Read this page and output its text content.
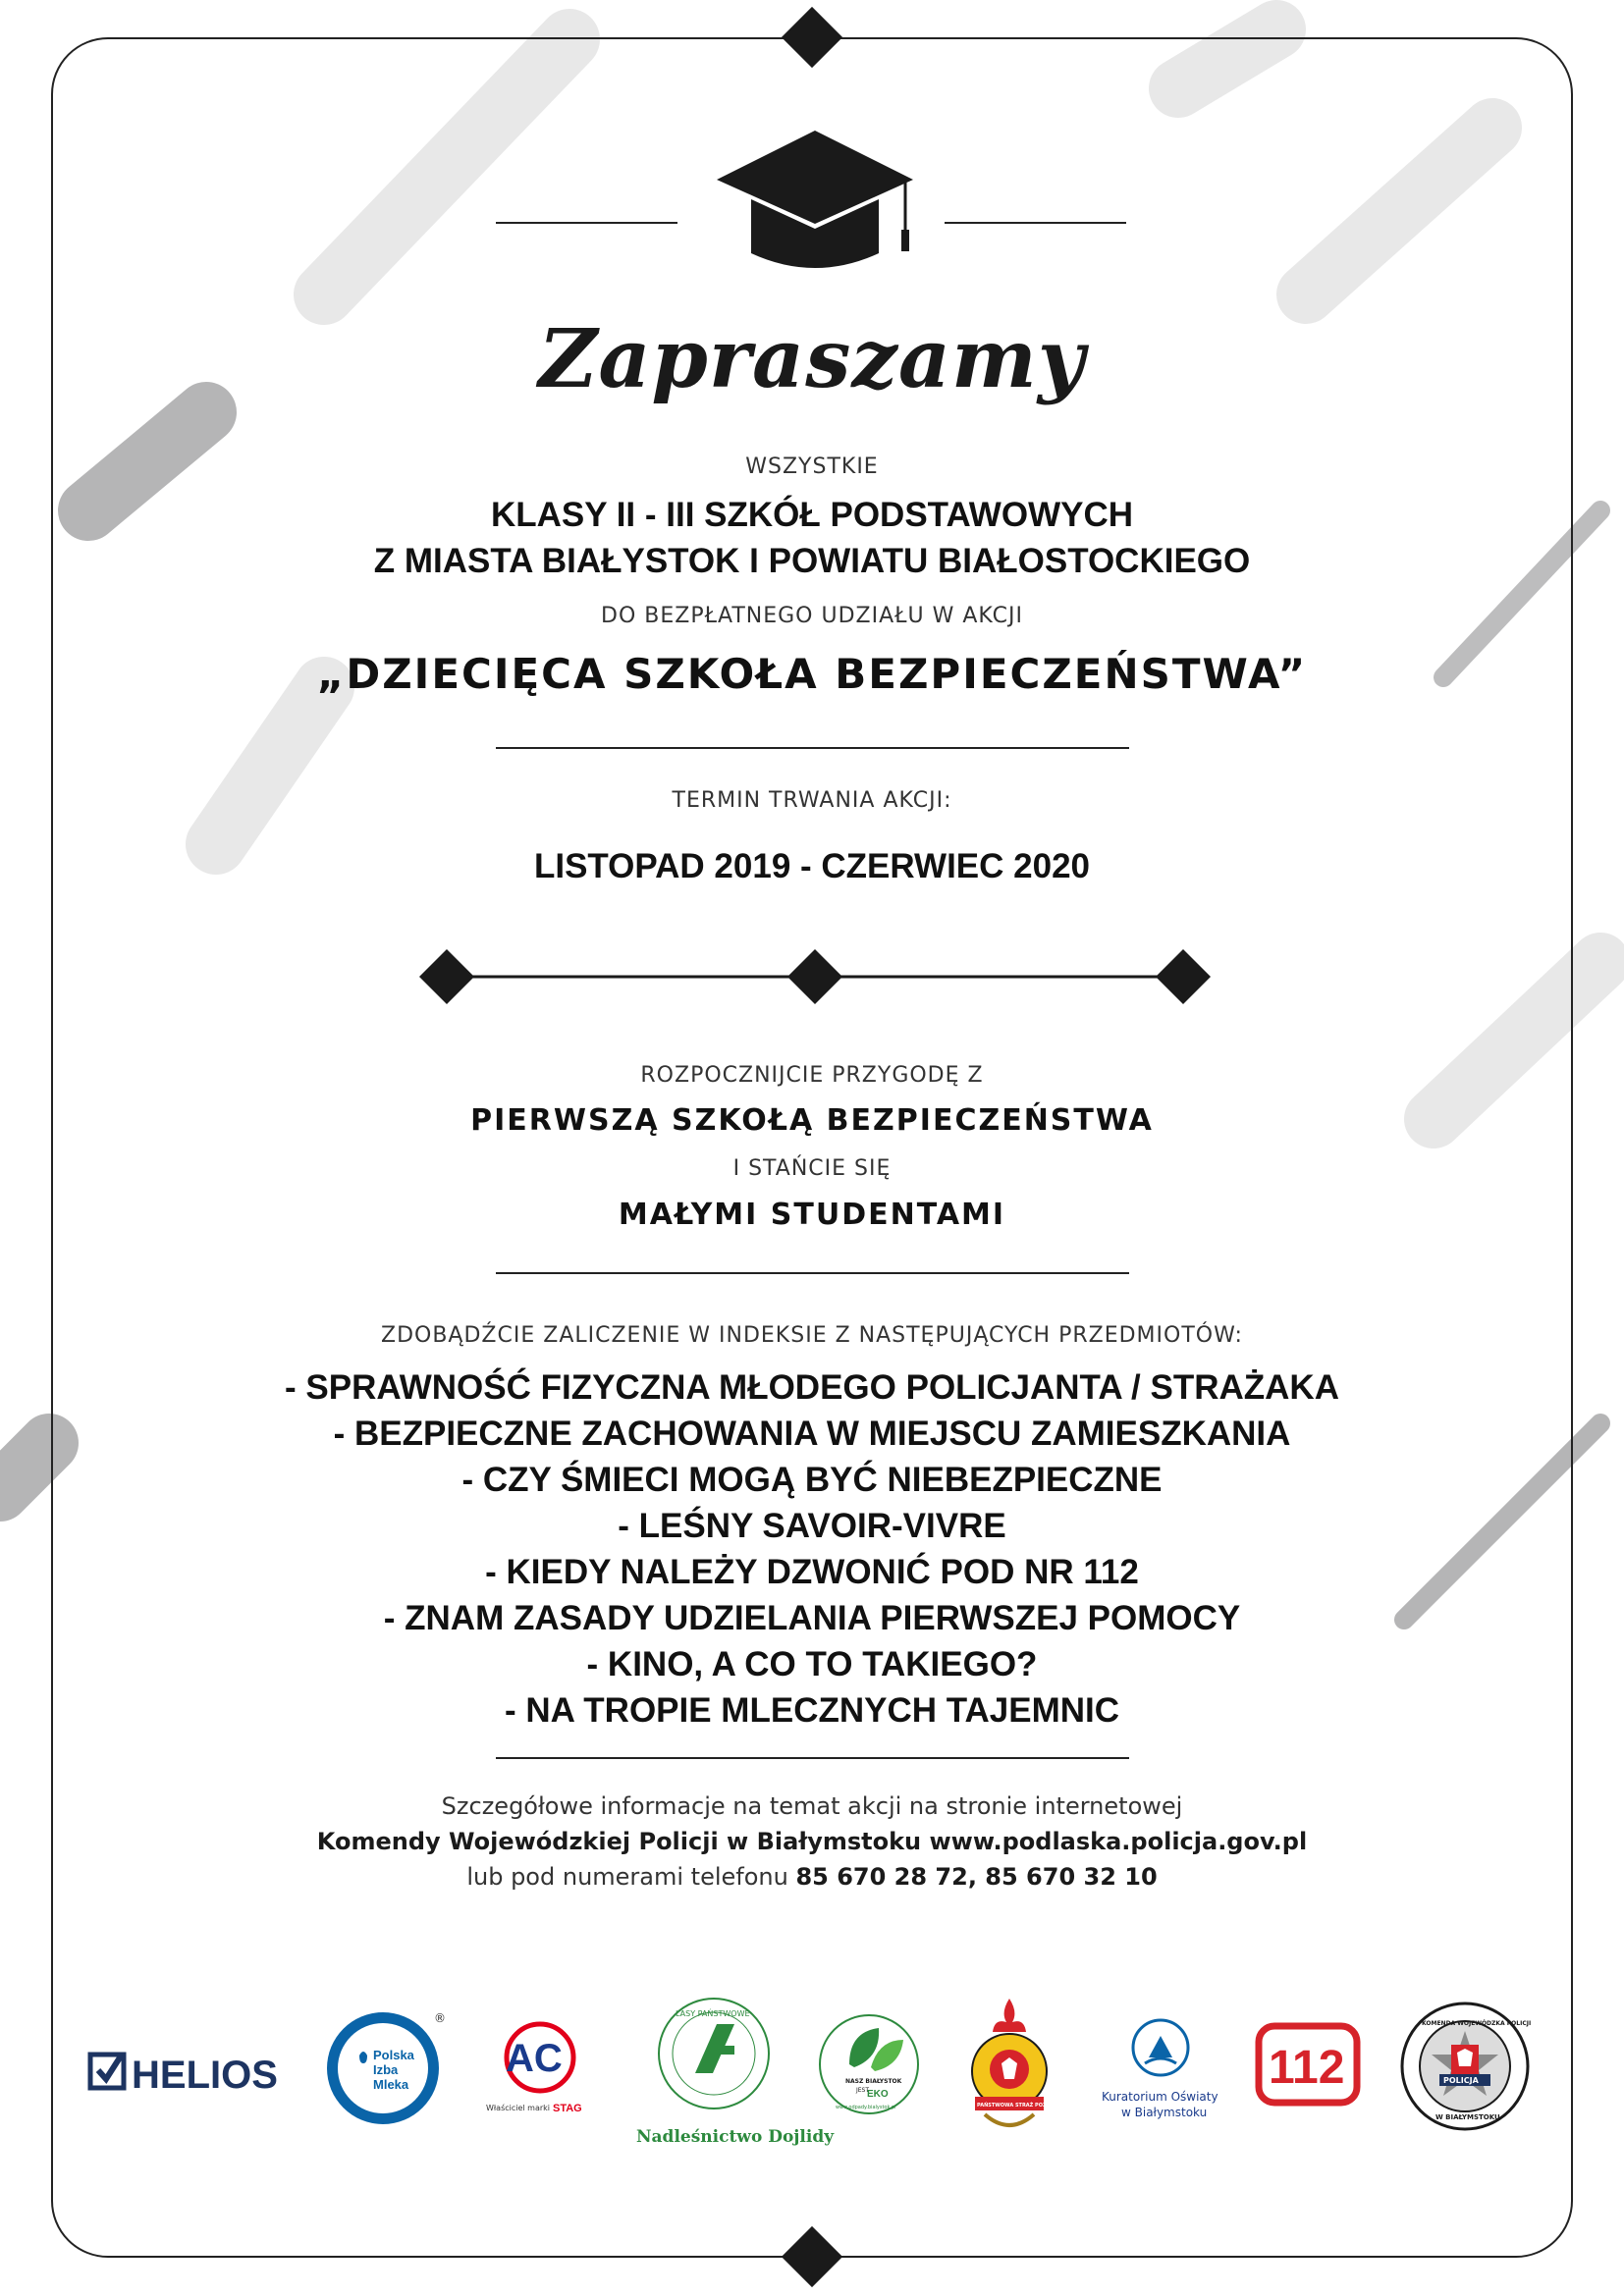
Zapraszamy
WSZYSTKIE
KLASY II - III SZKÓŁ PODSTAWOWYCH
Z MIASTA BIAŁYSTOK I POWIATU BIAŁOSTOCKIEGO
DO BEZPŁATNEGO UDZIAŁU W AKCJI
„DZIECIĘCA SZKOŁA BEZPIECZEŃSTWA”
TERMIN TRWANIA AKCJI:
LISTOPAD 2019 - CZERWIEC 2020
ROZPOCZNIJCIE PRZYGODĘ Z
PIERWSZĄ SZKOŁĄ BEZPIECZEŃSTWA
I STAŃCIE SIĘ
MAŁYMI STUDENTAMI
ZDOBĄDŹCIE ZALICZENIE W INDEKSIE Z NASTĘPUJĄCYCH PRZEDMIOTÓW:
- SPRAWNOŚĆ FIZYCZNA MŁODEGO POLICJANTA / STRAŻAKA
- BEZPIECZNE ZACHOWANIA W MIEJSCU ZAMIESZKANIA
- CZY ŚMIECI MOGĄ BYĆ NIEBEZPIECZNE
- LEŚNY SAVOIR-VIVRE
- KIEDY NALEŻY DZWONIĆ POD NR 112
- ZNAM ZASADY UDZIELANIA PIERWSZEJ POMOCY
- KINO, A CO TO TAKIEGO?
- NA TROPIE MLECZNYCH TAJEMNIC
Szczegółowe informacje na temat akcji na stronie internetowej
Komendy Wojewódzkiej Policji w Białymstoku www.podlaska.policja.gov.pl
lub pod numerami telefonu 85 670 28 72, 85 670 32 10
HELIOS	Polska
Izba
Mleka
®
AC
Właściciel marki STAG
LASY PAŃSTWOWE
Nadleśnictwo Dojlidy
NASZ BIAŁYSTOK
JEST
EKO
www.odpady.bialystok.pl	PAŃSTWOWA STRAŻ POŻARNA
Kuratorium Oświaty
w Białymstoku
112
KOMENDA WOJEWÓDZKA POLICJI
POLICJA
W BIAŁYMSTOKU
